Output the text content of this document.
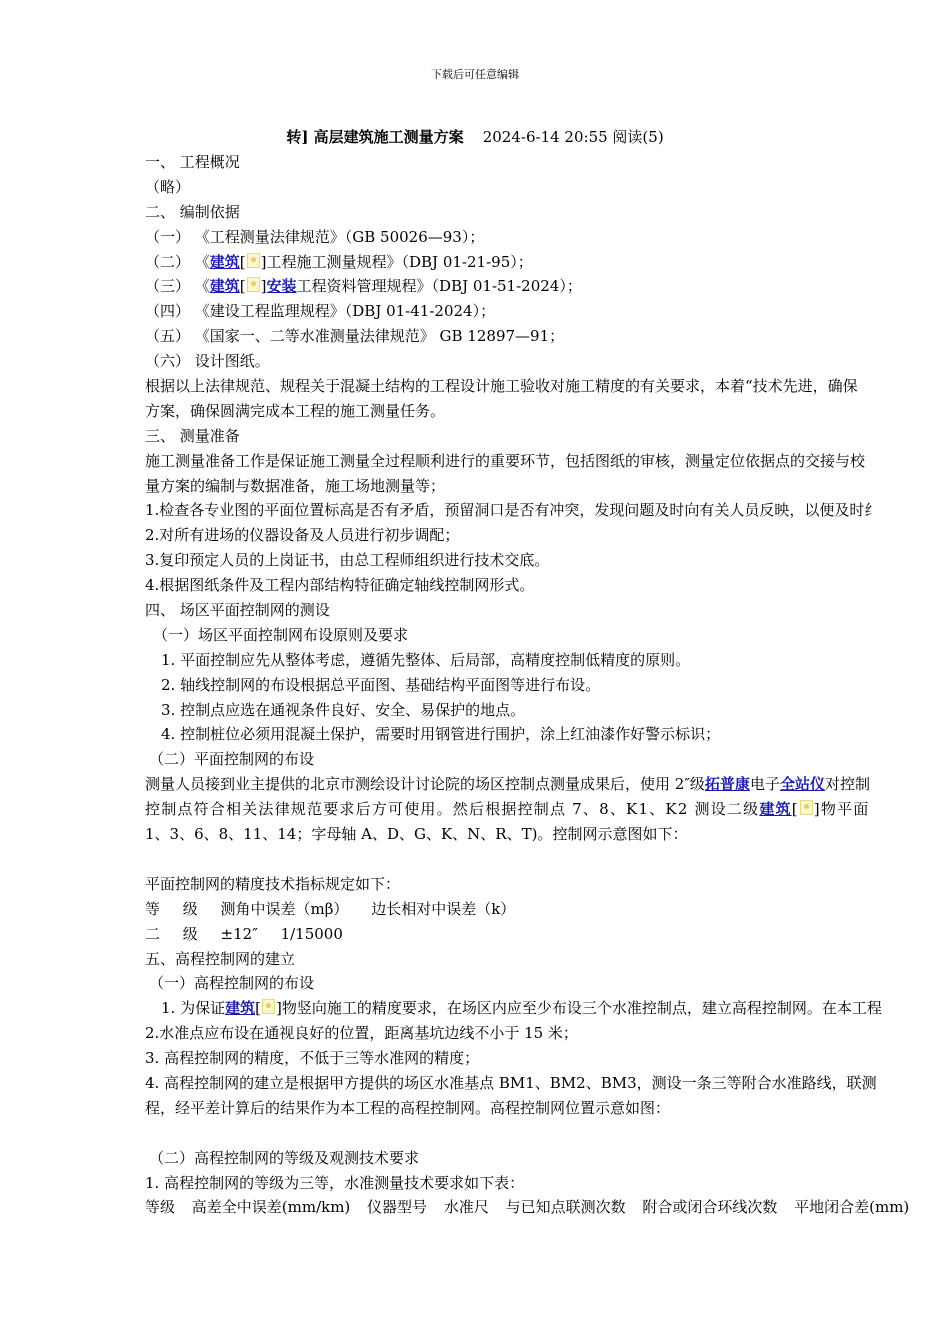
下载后可任意编辑
转] 高层建筑施工测量方案 2024-6-14 20:55 阅读(5)
一、 工程概况
（略）
二、 编制依据
（一） 《工程测量法律规范》（GB 50026—93）；
（二） 《建筑[ ]工程施工测量规程》（DBJ 01-21-95）；
（三） 《建筑[ ]安装工程资料管理规程》（DBJ 01-51-2024）；
（四） 《建设工程监理规程》（DBJ 01-41-2024）；
（五） 《国家一、二等水准测量法律规范》 GB 12897—91；
（六） 设计图纸。
根据以上法律规范、规程关于混凝土结构的工程设计施工验收对施工精度的有关要求，本着“技术先进，确保
方案，确保圆满完成本工程的施工测量任务。
三、 测量准备
施工测量准备工作是保证施工测量全过程顺利进行的重要环节，包括图纸的审核，测量定位依据点的交接与校
量方案的编制与数据准备，施工场地测量等；
1.检查各专业图的平面位置标高是否有矛盾，预留洞口是否有冲突，发现问题及时向有关人员反映，以便及时纟
2.对所有进场的仪器设备及人员进行初步调配；
3.复印预定人员的上岗证书，由总工程师组织进行技术交底。
4.根据图纸条件及工程内部结构特征确定轴线控制网形式。
四、 场区平面控制网的测设
（一）场区平面控制网布设原则及要求
1. 平面控制应先从整体考虑，遵循先整体、后局部，高精度控制低精度的原则。
2. 轴线控制网的布设根据总平面图、基础结构平面图等进行布设。
3. 控制点应选在通视条件良好、安全、易保护的地点。
4. 控制桩位必须用混凝土保护，需要时用钢管进行围护，涂上红油漆作好警示标识；
（二）平面控制网的布设
测量人员接到业主提供的北京市测绘设计讨论院的场区控制点测量成果后，使用 2″级拓普康电子全站仪对控制
控制点符合相关法律规范要求后方可使用。然后根据控制点 7、8、K1、K2 测设二级建筑[ ]物平面
1、3、6、8、11、14；字母轴 A、D、G、K、N、R、T)。控制网示意图如下：
平面控制网的精度技术指标规定如下：
等 级 测角中误差（mβ） 边长相对中误差（k）
二 级 ±12″ 1/15000
五、高程控制网的建立
（一）高程控制网的布设
1. 为保证建筑[ ]物竖向施工的精度要求，在场区内应至少布设三个水准控制点，建立高程控制网。在本工程
2.水准点应布设在通视良好的位置，距离基坑边线不小于 15 米；
3. 高程控制网的精度，不低于三等水准网的精度；
4. 高程控制网的建立是根据甲方提供的场区水准基点 BM1、BM2、BM3，测设一条三等附合水准路线，联测
程，经平差计算后的结果作为本工程的高程控制网。高程控制网位置示意如图：
（二）高程控制网的等级及观测技术要求
1. 高程控制网的等级为三等，水准测量技术要求如下表：
等级 高差全中误差(mm/km) 仪器型号 水准尺 与已知点联测次数 附合或闭合环线次数 平地闭合差(mm)
